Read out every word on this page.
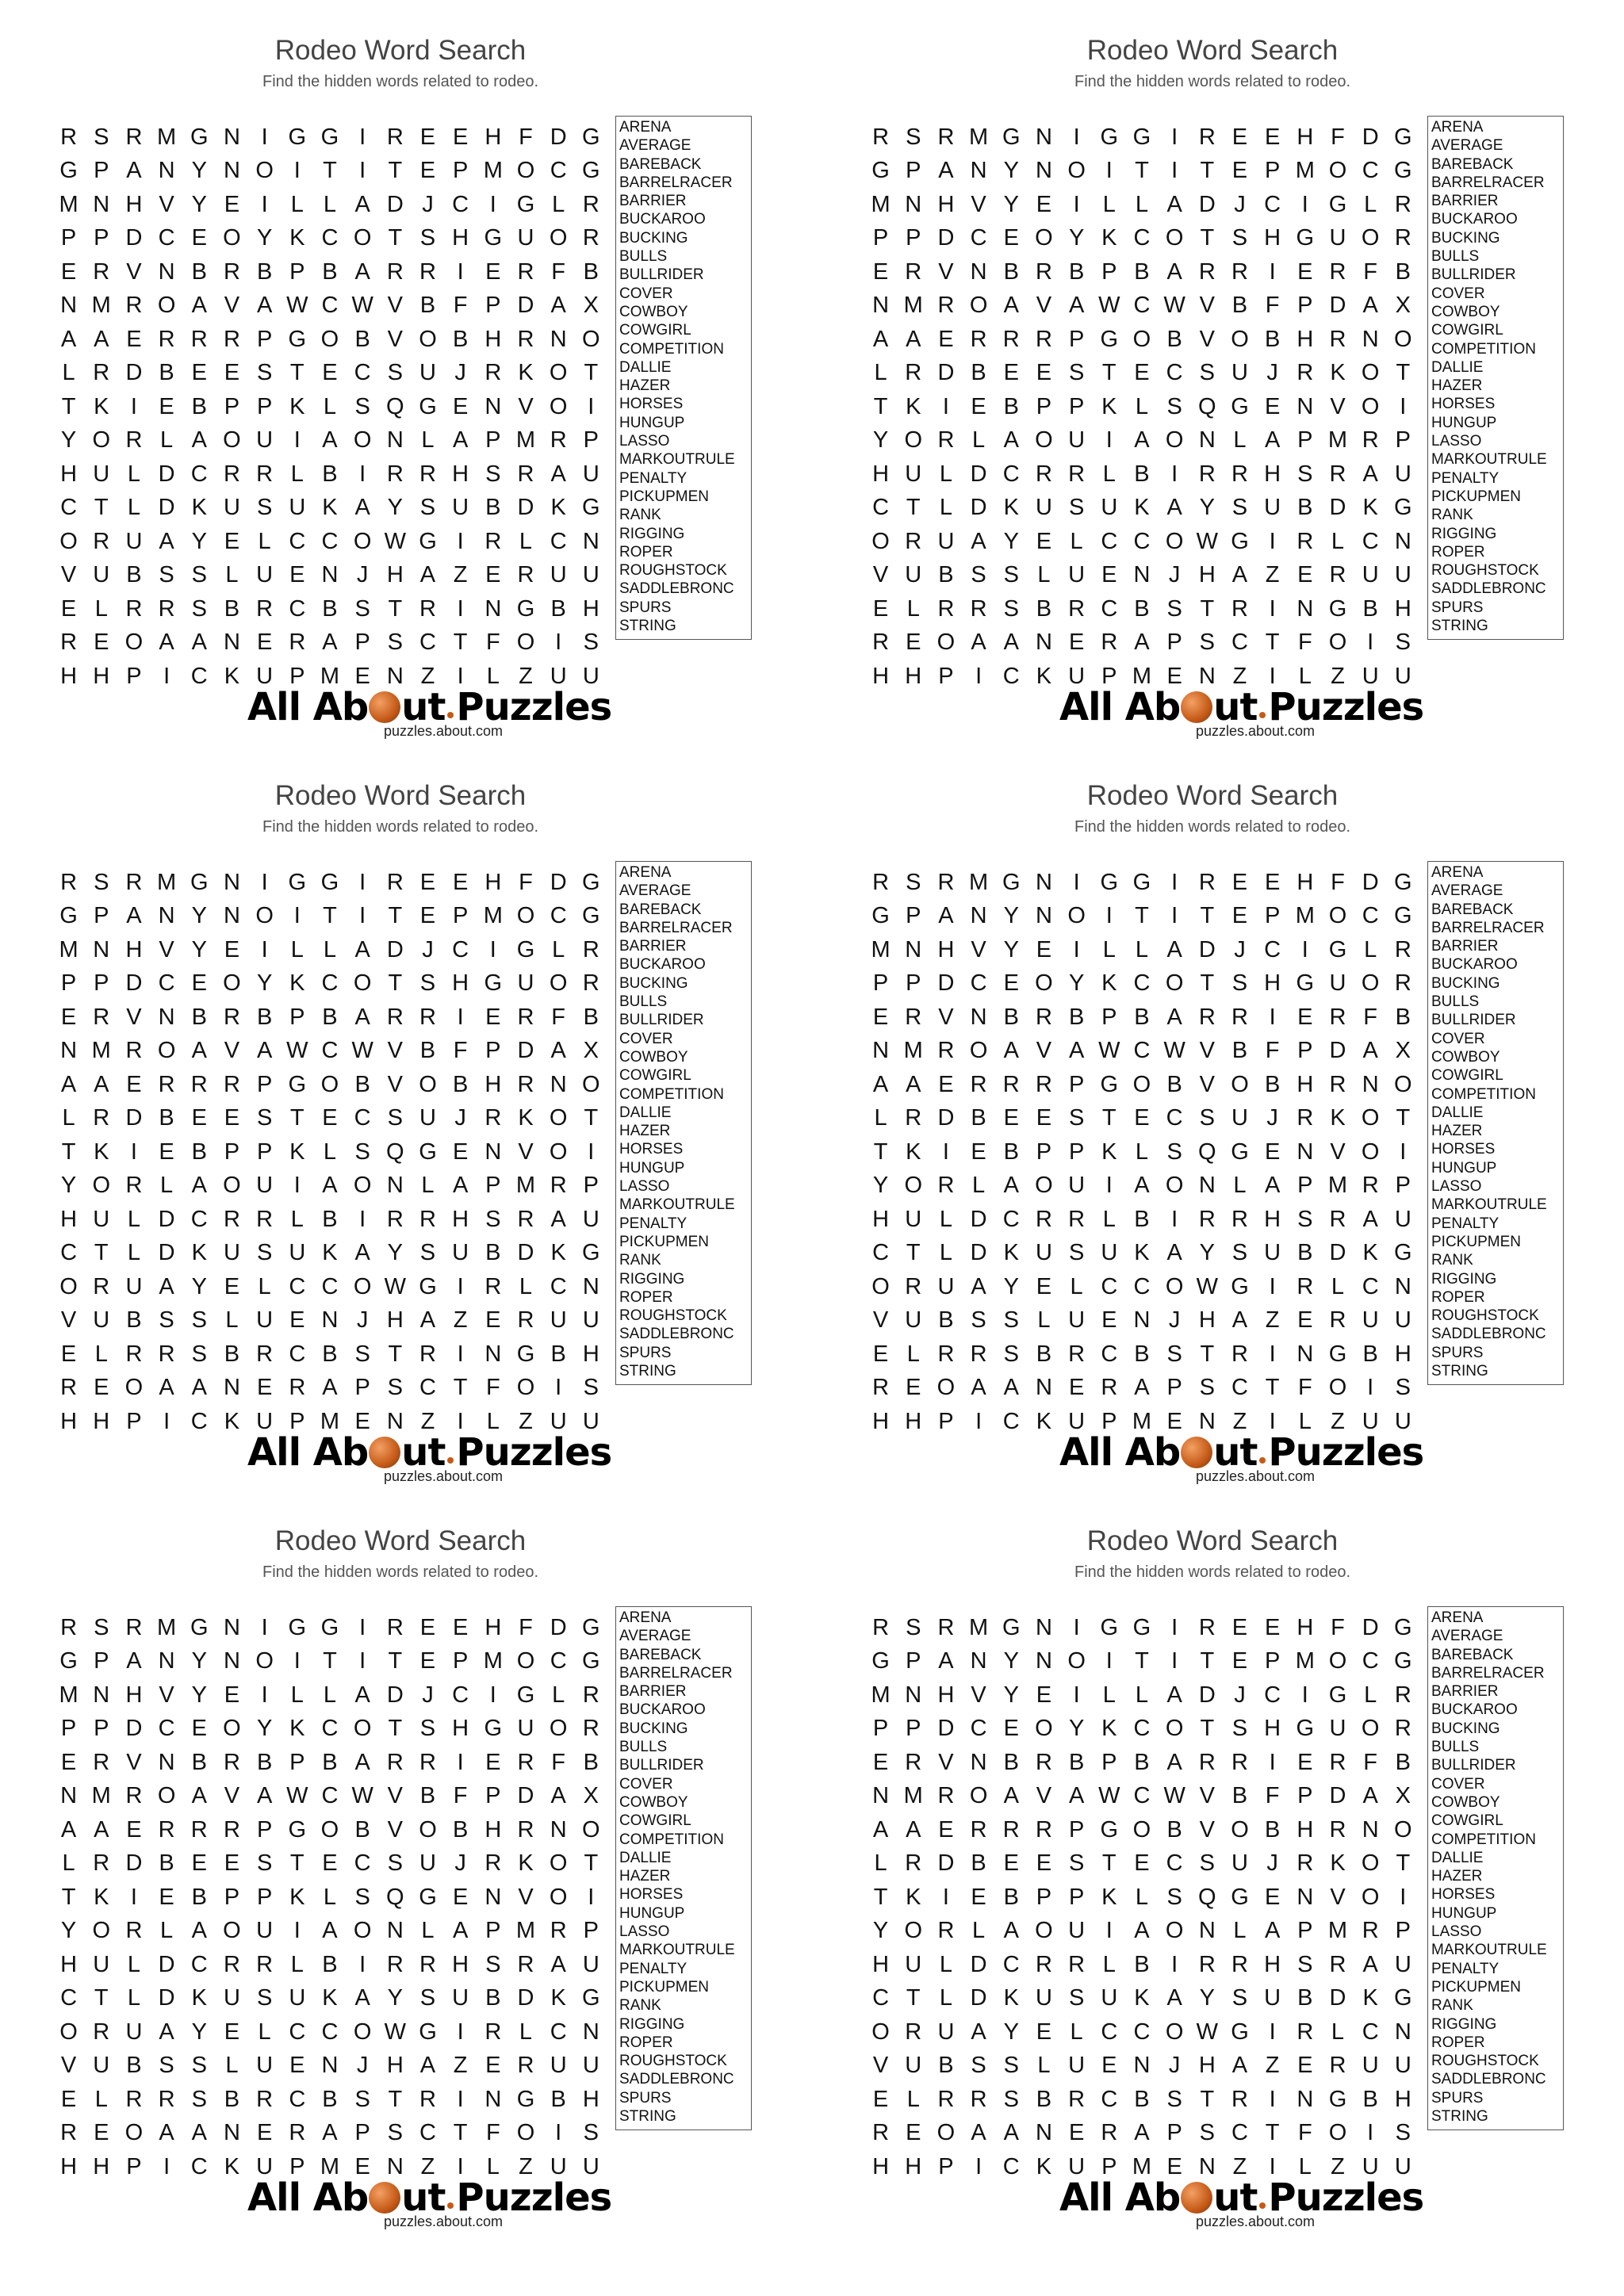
Rodeo Word Search
Find the hidden words related to rodeo.
R S R M G N I G G I R E E H F D G
G P A N Y N O I T I T E P M O C G
M N H V Y E I	L L A D J C I G L R
P P D C E O Y K C O T S H G U O R
E R V N B R B P B A R R I E R F B
N M R O A V A W C W V B F P D A X
A A E R R R P G O B V O B H R N O
L R D B E E S T E C S U J R K O T
T K I E B P P K L S Q G E N V O I
Y O R L A O U I A O N L A P M R P
H U L D C R R L B I R R H S R A U
C T L D K U S U K A Y S U B D K G
O R U A Y E L C C O W G I R L C N
V U B S S L U E N J H A Z E R U U
E L R R S B R C B S T R I N G B H
R E O A A N E R A P S C T F O I S
H H P I C K U P M E N Z I	L Z U U
ARENA
AVERAGE
BAREBACK
BARRELRACER
BARRIER
BUCKAROO
BUCKING
BULLS
BULLRIDER
COVER
COWBOY
COWGIRL
COMPETITION
DALLIE
HAZER
HORSES
HUNGUP
LASSO
MARKOUTRULE
PENALTY
PICKUPMEN
RANK
RIGGING
ROPER
ROUGHSTOCK
SADDLEBRONC
SPURS
STRING
All Ab ut Puzzles
puzzles.about.com
Rodeo Word Search
Find the hidden words related to rodeo.
R S R M G N I G G I R E E H F D G
G P A N Y N O I T I T E P M O C G
M N H V Y E I	L L A D J C I G L R
P P D C E O Y K C O T S H G U O R
E R V N B R B P B A R R I E R F B
N M R O A V A W C W V B F P D A X
A A E R R R P G O B V O B H R N O
L R D B E E S T E C S U J R K O T
T K I E B P P K L S Q G E N V O I
Y O R L A O U I A O N L A P M R P
H U L D C R R L B I R R H S R A U
C T L D K U S U K A Y S U B D K G
O R U A Y E L C C O W G I R L C N
V U B S S L U E N J H A Z E R U U
E L R R S B R C B S T R I N G B H
R E O A A N E R A P S C T F O I S
H H P I C K U P M E N Z I	L Z U U
ARENA
AVERAGE
BAREBACK
BARRELRACER
BARRIER
BUCKAROO
BUCKING
BULLS
BULLRIDER
COVER
COWBOY
COWGIRL
COMPETITION
DALLIE
HAZER
HORSES
HUNGUP
LASSO
MARKOUTRULE
PENALTY
PICKUPMEN
RANK
RIGGING
ROPER
ROUGHSTOCK
SADDLEBRONC
SPURS
STRING
All Ab ut Puzzles
puzzles.about.com
Rodeo Word Search
Find the hidden words related to rodeo.
R S R M G N I G G I R E E H F D G
G P A N Y N O I T I T E P M O C G
M N H V Y E I	L L A D J C I G L R
P P D C E O Y K C O T S H G U O R
E R V N B R B P B A R R I E R F B
N M R O A V A W C W V B F P D A X
A A E R R R P G O B V O B H R N O
L R D B E E S T E C S U J R K O T
T K I E B P P K L S Q G E N V O I
Y O R L A O U I A O N L A P M R P
H U L D C R R L B I R R H S R A U
C T L D K U S U K A Y S U B D K G
O R U A Y E L C C O W G I R L C N
V U B S S L U E N J H A Z E R U U
E L R R S B R C B S T R I N G B H
R E O A A N E R A P S C T F O I S
H H P I C K U P M E N Z I	L Z U U
ARENA
AVERAGE
BAREBACK
BARRELRACER
BARRIER
BUCKAROO
BUCKING
BULLS
BULLRIDER
COVER
COWBOY
COWGIRL
COMPETITION
DALLIE
HAZER
HORSES
HUNGUP
LASSO
MARKOUTRULE
PENALTY
PICKUPMEN
RANK
RIGGING
ROPER
ROUGHSTOCK
SADDLEBRONC
SPURS
STRING
All Ab ut Puzzles
puzzles.about.com
Rodeo Word Search
Find the hidden words related to rodeo.
R S R M G N I G G I R E E H F D G
G P A N Y N O I T I T E P M O C G
M N H V Y E I	L L A D J C I G L R
P P D C E O Y K C O T S H G U O R
E R V N B R B P B A R R I E R F B
N M R O A V A W C W V B F P D A X
A A E R R R P G O B V O B H R N O
L R D B E E S T E C S U J R K O T
T K I E B P P K L S Q G E N V O I
Y O R L A O U I A O N L A P M R P
H U L D C R R L B I R R H S R A U
C T L D K U S U K A Y S U B D K G
O R U A Y E L C C O W G I R L C N
V U B S S L U E N J H A Z E R U U
E L R R S B R C B S T R I N G B H
R E O A A N E R A P S C T F O I S
H H P I C K U P M E N Z I	L Z U U
ARENA
AVERAGE
BAREBACK
BARRELRACER
BARRIER
BUCKAROO
BUCKING
BULLS
BULLRIDER
COVER
COWBOY
COWGIRL
COMPETITION
DALLIE
HAZER
HORSES
HUNGUP
LASSO
MARKOUTRULE
PENALTY
PICKUPMEN
RANK
RIGGING
ROPER
ROUGHSTOCK
SADDLEBRONC
SPURS
STRING
All Ab ut Puzzles
puzzles.about.com
Rodeo Word Search
Find the hidden words related to rodeo.
R S R M G N I G G I R E E H F D G
G P A N Y N O I T I T E P M O C G
M N H V Y E I	L L A D J C I G L R
P P D C E O Y K C O T S H G U O R
E R V N B R B P B A R R I E R F B
N M R O A V A W C W V B F P D A X
A A E R R R P G O B V O B H R N O
L R D B E E S T E C S U J R K O T
T K I E B P P K L S Q G E N V O I
Y O R L A O U I A O N L A P M R P
H U L D C R R L B I R R H S R A U
C T L D K U S U K A Y S U B D K G
O R U A Y E L C C O W G I R L C N
V U B S S L U E N J H A Z E R U U
E L R R S B R C B S T R I N G B H
R E O A A N E R A P S C T F O I S
H H P I C K U P M E N Z I	L Z U U
ARENA
AVERAGE
BAREBACK
BARRELRACER
BARRIER
BUCKAROO
BUCKING
BULLS
BULLRIDER
COVER
COWBOY
COWGIRL
COMPETITION
DALLIE
HAZER
HORSES
HUNGUP
LASSO
MARKOUTRULE
PENALTY
PICKUPMEN
RANK
RIGGING
ROPER
ROUGHSTOCK
SADDLEBRONC
SPURS
STRING
All Ab ut Puzzles
puzzles.about.com
Rodeo Word Search
Find the hidden words related to rodeo.
R S R M G N I G G I R E E H F D G
G P A N Y N O I T I T E P M O C G
M N H V Y E I	L L A D J C I G L R
P P D C E O Y K C O T S H G U O R
E R V N B R B P B A R R I E R F B
N M R O A V A W C W V B F P D A X
A A E R R R P G O B V O B H R N O
L R D B E E S T E C S U J R K O T
T K I E B P P K L S Q G E N V O I
Y O R L A O U I A O N L A P M R P
H U L D C R R L B I R R H S R A U
C T L D K U S U K A Y S U B D K G
O R U A Y E L C C O W G I R L C N
V U B S S L U E N J H A Z E R U U
E L R R S B R C B S T R I N G B H
R E O A A N E R A P S C T F O I S
H H P I C K U P M E N Z I	L Z U U
ARENA
AVERAGE
BAREBACK
BARRELRACER
BARRIER
BUCKAROO
BUCKING
BULLS
BULLRIDER
COVER
COWBOY
COWGIRL
COMPETITION
DALLIE
HAZER
HORSES
HUNGUP
LASSO
MARKOUTRULE
PENALTY
PICKUPMEN
RANK
RIGGING
ROPER
ROUGHSTOCK
SADDLEBRONC
SPURS
STRING
All Ab ut Puzzles
puzzles.about.com
